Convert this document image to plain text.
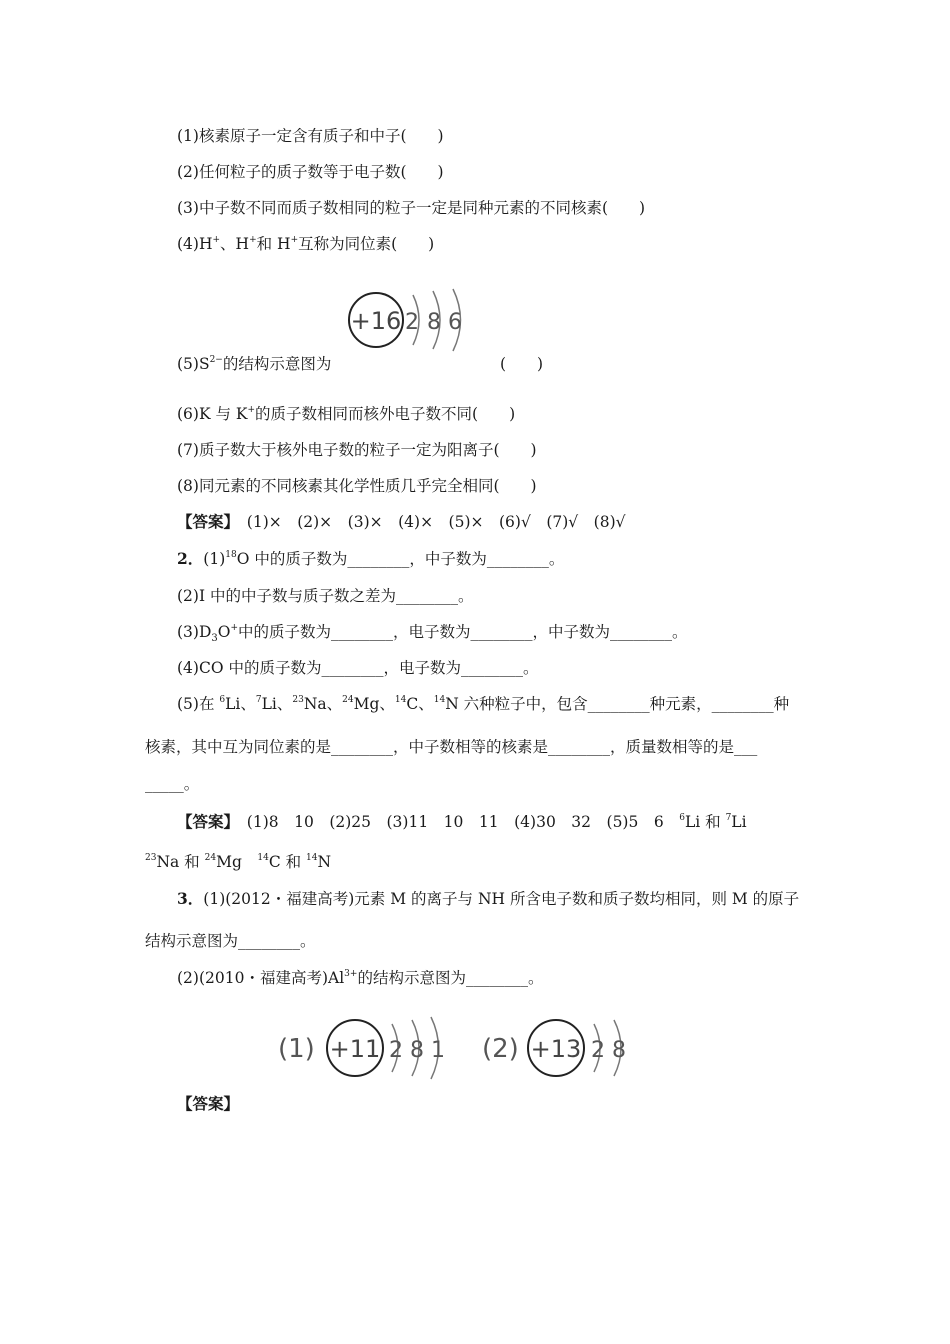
(1)核素原子一定含有质子和中子(　　)
(2)任何粒子的质子数等于电子数(　　)
(3)中子数不同而质子数相同的粒子一定是同种元素的不同核素(　　)
(4)H+、H+和 H+互称为同位素(　　)
+16 2 8 6
$(5)S^{2-}$的结构示意图为	(　　)
(6)K 与 K+的质子数相同而核外电子数不同(　　)
(7)质子数大于核外电子数的粒子一定为阳离子(　　)
(8)同元素的不同核素其化学性质几乎完全相同(　　)
【答案】　 (1)×　(2)×　(3)×　(4)×　(5)×　(6)√　(7)√　(8)√
2．$(1)^{18}O$ 中的质子数为________，中子数为________。
(2)I 中的中子数与质子数之差为________。
$(3)D_3O^+$中的质子数为________，电子数为________，中子数为________。
(4)CO 中的质子数为________，电子数为________。
(5)在 $^6$Li、$^7$Li、$^{23}$Na、$^{24}$Mg、$^{14}$C、$^{14}$N 六种粒子中，包含________种元素，________种
核素，其中互为同位素的是________，中子数相等的核素是________，质量数相等的是___
_____。
【答案】　 (1)8　10　(2)25　(3)11　10　11　(4)30　32　(5)5　6　$^6$Li 和 $^7$Li
$^{23}$Na 和 $^{24}$Mg　$^{14}$C 和 $^{14}$N
3．(1)(2012・福建高考)元素 M 的离子与 NH 所含电子数和质子数均相同，则 M 的原子
结构示意图为________。
(2)(2010・福建高考)$Al^{3+}$的结构示意图为________。
(1) +11 2 8 1 (2) +13 2 8
【答案】
